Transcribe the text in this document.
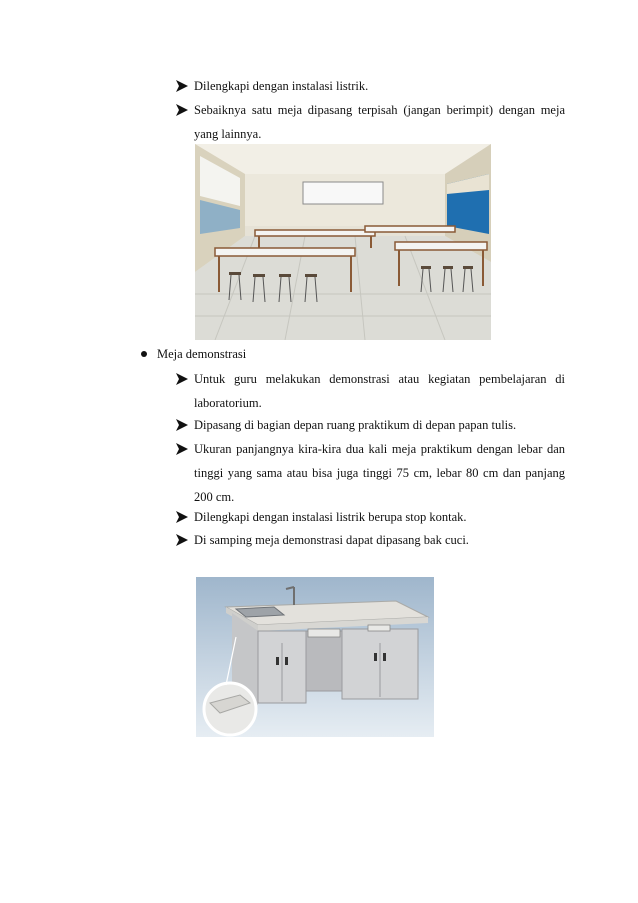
Dilengkapi dengan instalasi listrik.
Sebaiknya satu meja dipasang terpisah (jangan berimpit) dengan meja yang lainnya.
Meja demonstrasi
Untuk guru melakukan demonstrasi atau kegiatan pembelajaran di laboratorium.
Dipasang di bagian depan ruang praktikum di depan papan tulis.
Ukuran panjangnya kira-kira dua kali meja praktikum dengan lebar dan tinggi yang sama atau bisa juga tinggi 75 cm, lebar 80 cm dan panjang 200 cm.
Dilengkapi dengan instalasi listrik berupa stop kontak.
Di samping meja demonstrasi dapat dipasang bak cuci.
